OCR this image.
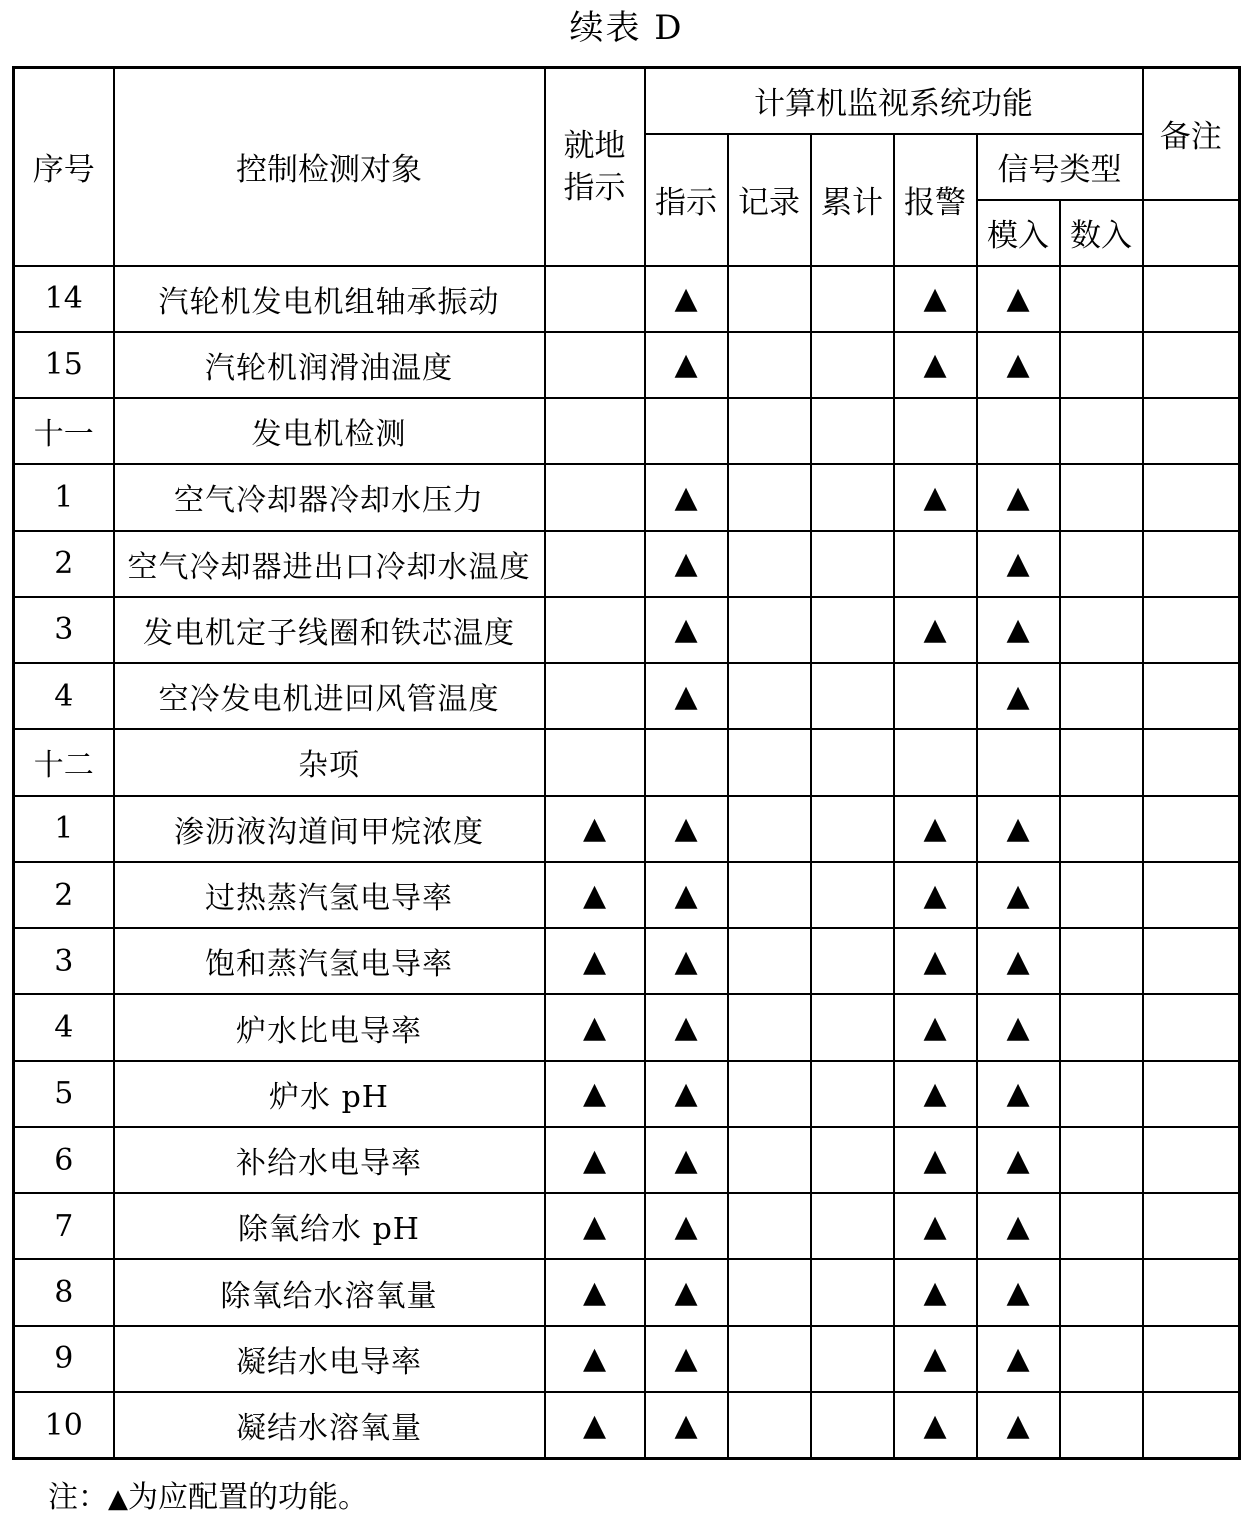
续表 D
序号	控制检测对象	就地指示	计算机监视系统功能						备注
			指示	记录	累计	报警	信号类型		
							模入	数入	
14	汽轮机发电机组轴承振动		▲			▲	▲		
15	汽轮机润滑油温度		▲			▲	▲		
十一	发电机检测								
1	空气冷却器冷却水压力		▲			▲	▲		
2	空气冷却器进出口冷却水温度		▲				▲		
3	发电机定子线圈和铁芯温度		▲			▲	▲		
4	空冷发电机进回风管温度		▲				▲		
十二	杂项								
1	渗沥液沟道间甲烷浓度	▲	▲			▲	▲		
2	过热蒸汽氢电导率	▲	▲			▲	▲		
3	饱和蒸汽氢电导率	▲	▲			▲	▲		
4	炉水比电导率	▲	▲			▲	▲		
5	炉水 pH	▲	▲			▲	▲		
6	补给水电导率	▲	▲			▲	▲		
7	除氧给水 pH	▲	▲			▲	▲		
8	除氧给水溶氧量	▲	▲			▲	▲		
9	凝结水电导率	▲	▲			▲	▲		
10	凝结水溶氧量	▲	▲			▲	▲		
注：▲为应配置的功能。
